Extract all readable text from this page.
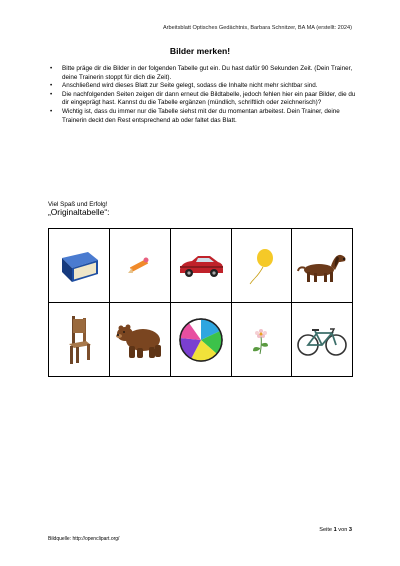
Arbeitsblatt Optisches Gedächtnis, Barbara Schnitzer, BA MA (erstellt: 2024)
Bilder merken!
• Bitte präge dir die Bilder in der folgenden Tabelle gut ein. Du hast dafür 90 Sekunden Zeit. (Dein Trainer, deine Trainerin stoppt für dich die Zeit).
• Anschließend wird dieses Blatt zur Seite gelegt, sodass die Inhalte nicht mehr sichtbar sind.
• Die nachfolgenden Seiten zeigen dir dann erneut die Bildtabelle, jedoch fehlen hier ein paar Bilder, die du dir eingeprägt hast. Kannst du die Tabelle ergänzen (mündlich, schriftlich oder zeichnerisch)?
• Wichtig ist, dass du immer nur die Tabelle siehst mit der du momentan arbeitest. Dein Trainer, deine Trainerin deckt den Rest entsprechend ab oder faltet das Blatt.
Viel Spaß und Erfolg!
„Originaltabelle“:

Seite 1 von 3
Bildquelle: http://openclipart.org/
